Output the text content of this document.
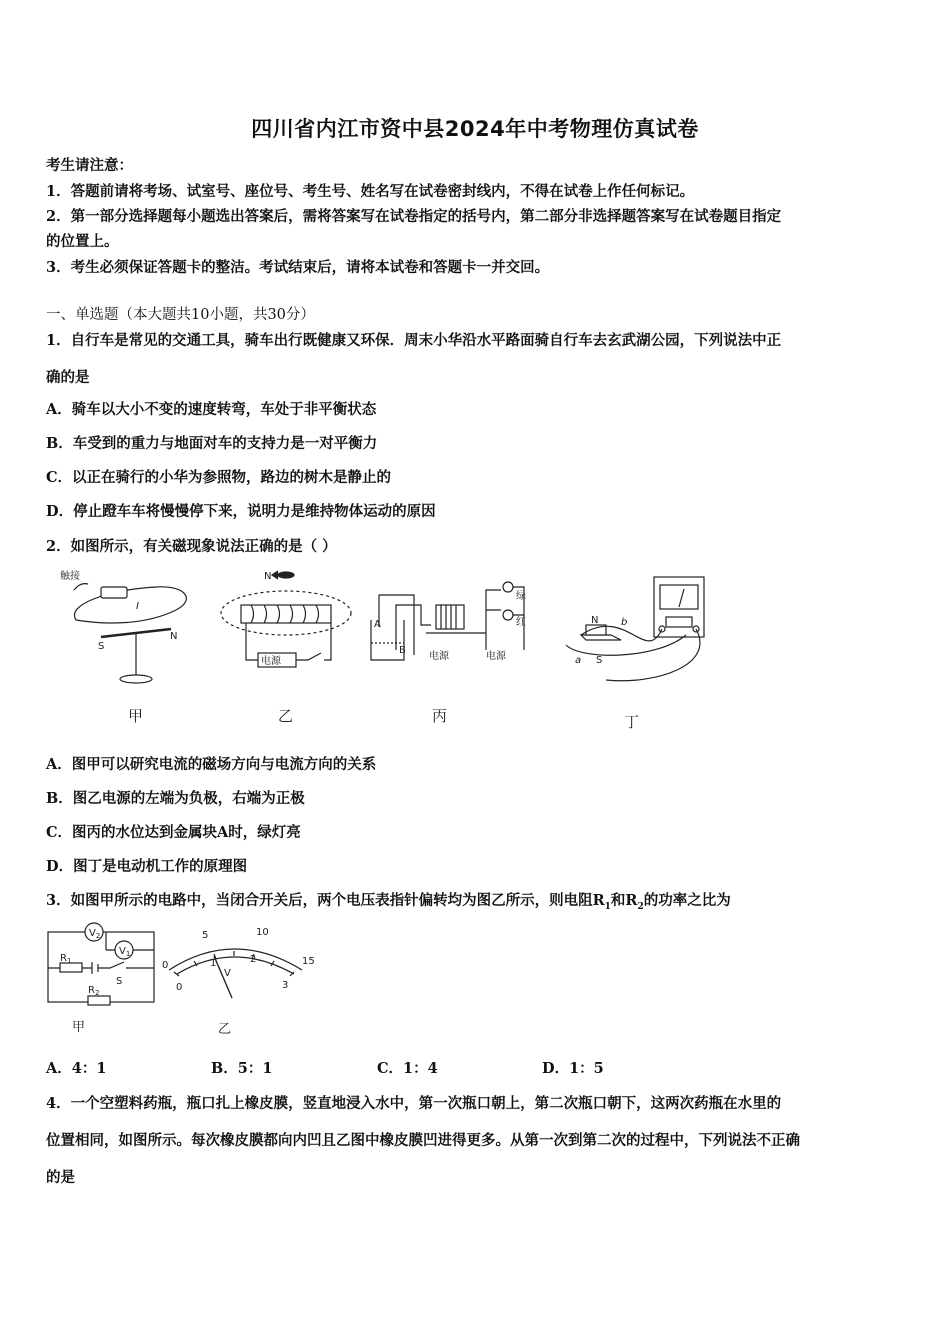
四川省内江市资中县2024年中考物理仿真试卷
考生请注意：
1．答题前请将考场、试室号、座位号、考生号、姓名写在试卷密封线内，不得在试卷上作任何标记。
2．第一部分选择题每小题选出答案后，需将答案写在试卷指定的括号内，第二部分非选择题答案写在试卷题目指定
的位置上。
3．考生必须保证答题卡的整洁。考试结束后，请将本试卷和答题卡一并交回。
一、单选题（本大题共10小题，共30分）
1．自行车是常见的交通工具，骑车出行既健康又环保．周末小华沿水平路面骑自行车去玄武湖公园，下列说法中正
确的是
A．骑车以大小不变的速度转弯，车处于非平衡状态
B．车受到的重力与地面对车的支持力是一对平衡力
C．以正在骑行的小华为参照物，路边的树木是静止的
D．停止蹬车车将慢慢停下来，说明力是维持物体运动的原因
2．如图所示，有关磁现象说法正确的是（ ）
触接
I
S
N
N
电源
A
B
电源	电源
绿
红	N b
a S
甲	乙	丙	丁
A．图甲可以研究电流的磁场方向与电流方向的关系
B．图乙电源的左端为负极，右端为正极
C．图丙的水位达到金属块A时，绿灯亮
D．图丁是电动机工作的原理图
3．如图甲所示的电路中，当闭合开关后，两个电压表指针偏转均为图乙所示，则电阻$R_1$和$R_2$的功率之比为
$V_2$
$V_1$
$R_1$
S
$R_2$
5	10
15
0
0
1	2
3
V
甲	乙
A．4：1	B．5：1	C．1：4	D．1：5
4．一个空塑料药瓶，瓶口扎上橡皮膜，竖直地浸入水中，第一次瓶口朝上，第二次瓶口朝下，这两次药瓶在水里的
位置相同，如图所示。每次橡皮膜都向内凹且乙图中橡皮膜凹进得更多。从第一次到第二次的过程中，下列说法不正确
的是
